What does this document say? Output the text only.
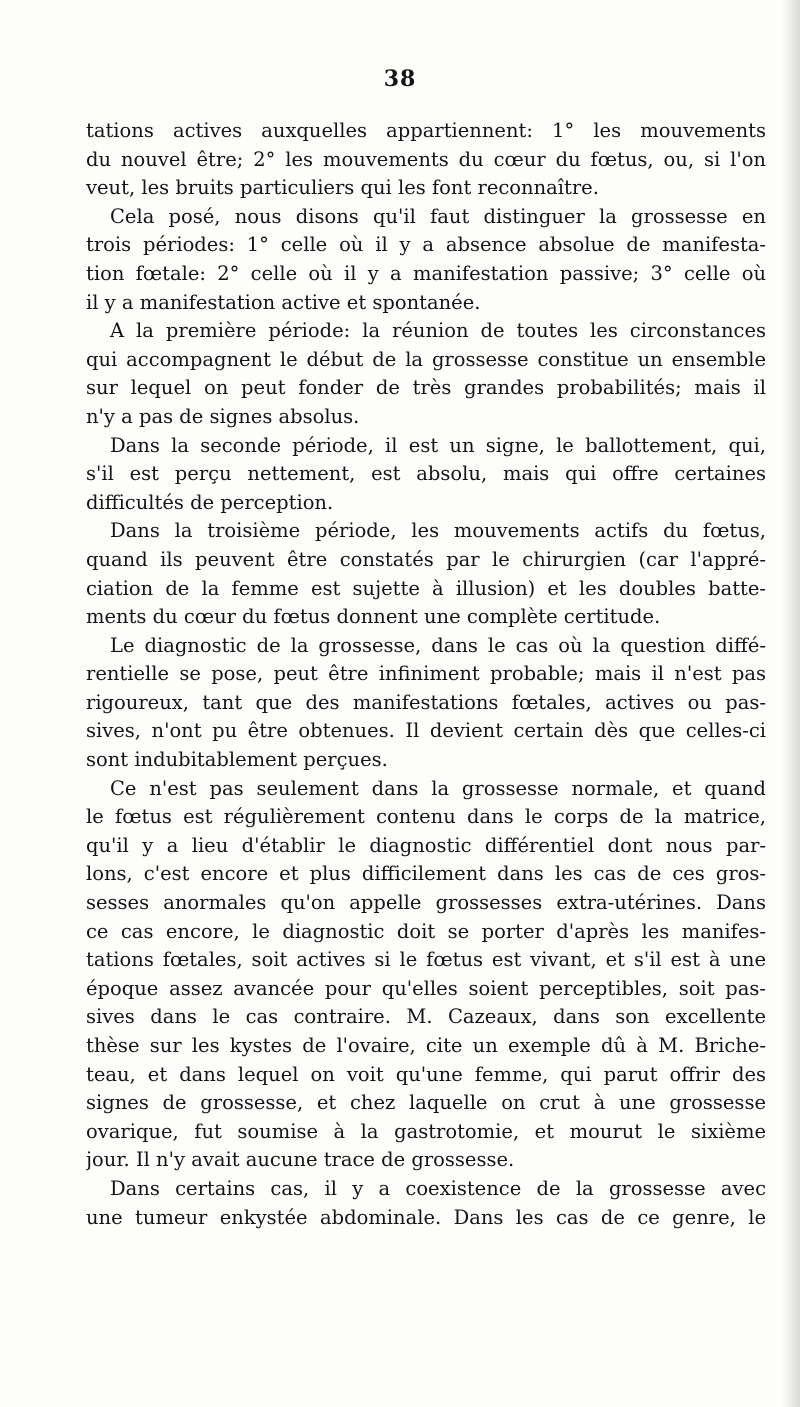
38
tations actives auxquelles appartiennent: 1° les mouvements
du nouvel être; 2° les mouvements du cœur du fœtus, ou, si l'on
veut, les bruits particuliers qui les font reconnaître.
Cela posé, nous disons qu'il faut distinguer la grossesse en
trois périodes: 1° celle où il y a absence absolue de manifesta-
tion fœtale: 2° celle où il y a manifestation passive; 3° celle où
il y a manifestation active et spontanée.
A la première période: la réunion de toutes les circonstances
qui accompagnent le début de la grossesse constitue un ensemble
sur lequel on peut fonder de très grandes probabilités; mais il
n'y a pas de signes absolus.
Dans la seconde période, il est un signe, le ballottement, qui,
s'il est perçu nettement, est absolu, mais qui offre certaines
difficultés de perception.
Dans la troisième période, les mouvements actifs du fœtus,
quand ils peuvent être constatés par le chirurgien (car l'appré-
ciation de la femme est sujette à illusion) et les doubles batte-
ments du cœur du fœtus donnent une complète certitude.
Le diagnostic de la grossesse, dans le cas où la question diffé-
rentielle se pose, peut être infiniment probable; mais il n'est pas
rigoureux, tant que des manifestations fœtales, actives ou pas-
sives, n'ont pu être obtenues. Il devient certain dès que celles-ci
sont indubitablement perçues.
Ce n'est pas seulement dans la grossesse normale, et quand
le fœtus est régulièrement contenu dans le corps de la matrice,
qu'il y a lieu d'établir le diagnostic différentiel dont nous par-
lons, c'est encore et plus difficilement dans les cas de ces gros-
sesses anormales qu'on appelle grossesses extra-utérines. Dans
ce cas encore, le diagnostic doit se porter d'après les manifes-
tations fœtales, soit actives si le fœtus est vivant, et s'il est à une
époque assez avancée pour qu'elles soient perceptibles, soit pas-
sives dans le cas contraire. M. Cazeaux, dans son excellente
thèse sur les kystes de l'ovaire, cite un exemple dû à M. Briche-
teau, et dans lequel on voit qu'une femme, qui parut offrir des
signes de grossesse, et chez laquelle on crut à une grossesse
ovarique, fut soumise à la gastrotomie, et mourut le sixième
jour. Il n'y avait aucune trace de grossesse.
Dans certains cas, il y a coexistence de la grossesse avec
une tumeur enkystée abdominale. Dans les cas de ce genre, le
